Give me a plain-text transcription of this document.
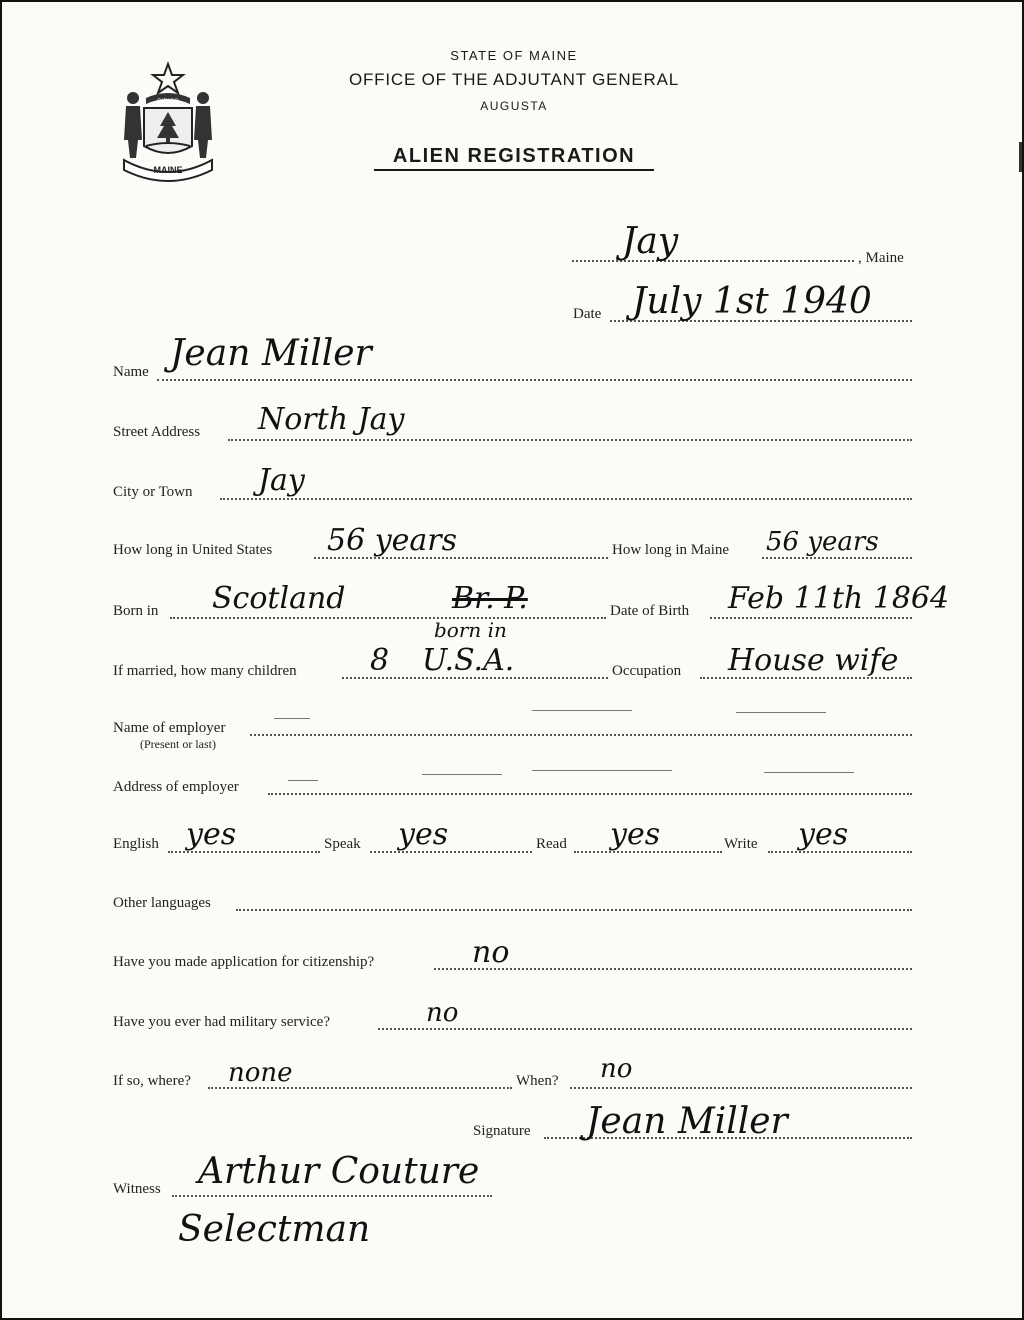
DIRIGO
MAINE
STATE OF MAINE
OFFICE OF THE ADJUTANT GENERAL
AUGUSTA
ALIEN REGISTRATION
Jay	, Maine
Date July 1st 1940
Name Jean Miller
Street Address North Jay
City or Town Jay
How long in United States 56 years	How long in Maine 56 years
Born in Scotland	Br. P.	Date of Birth Feb 11th 1864
born in
If married, how many children 8 U.S.A.	Occupation House wife
Name of employer
(Present or last)
Address of employer
English yes	Speak yes	Read yes	Write yes
Other languages
Have you made application for citizenship?	no
Have you ever had military service?	no
If so, where? none	When? no
Signature Jean Miller
Witness Arthur Couture
Selectman
